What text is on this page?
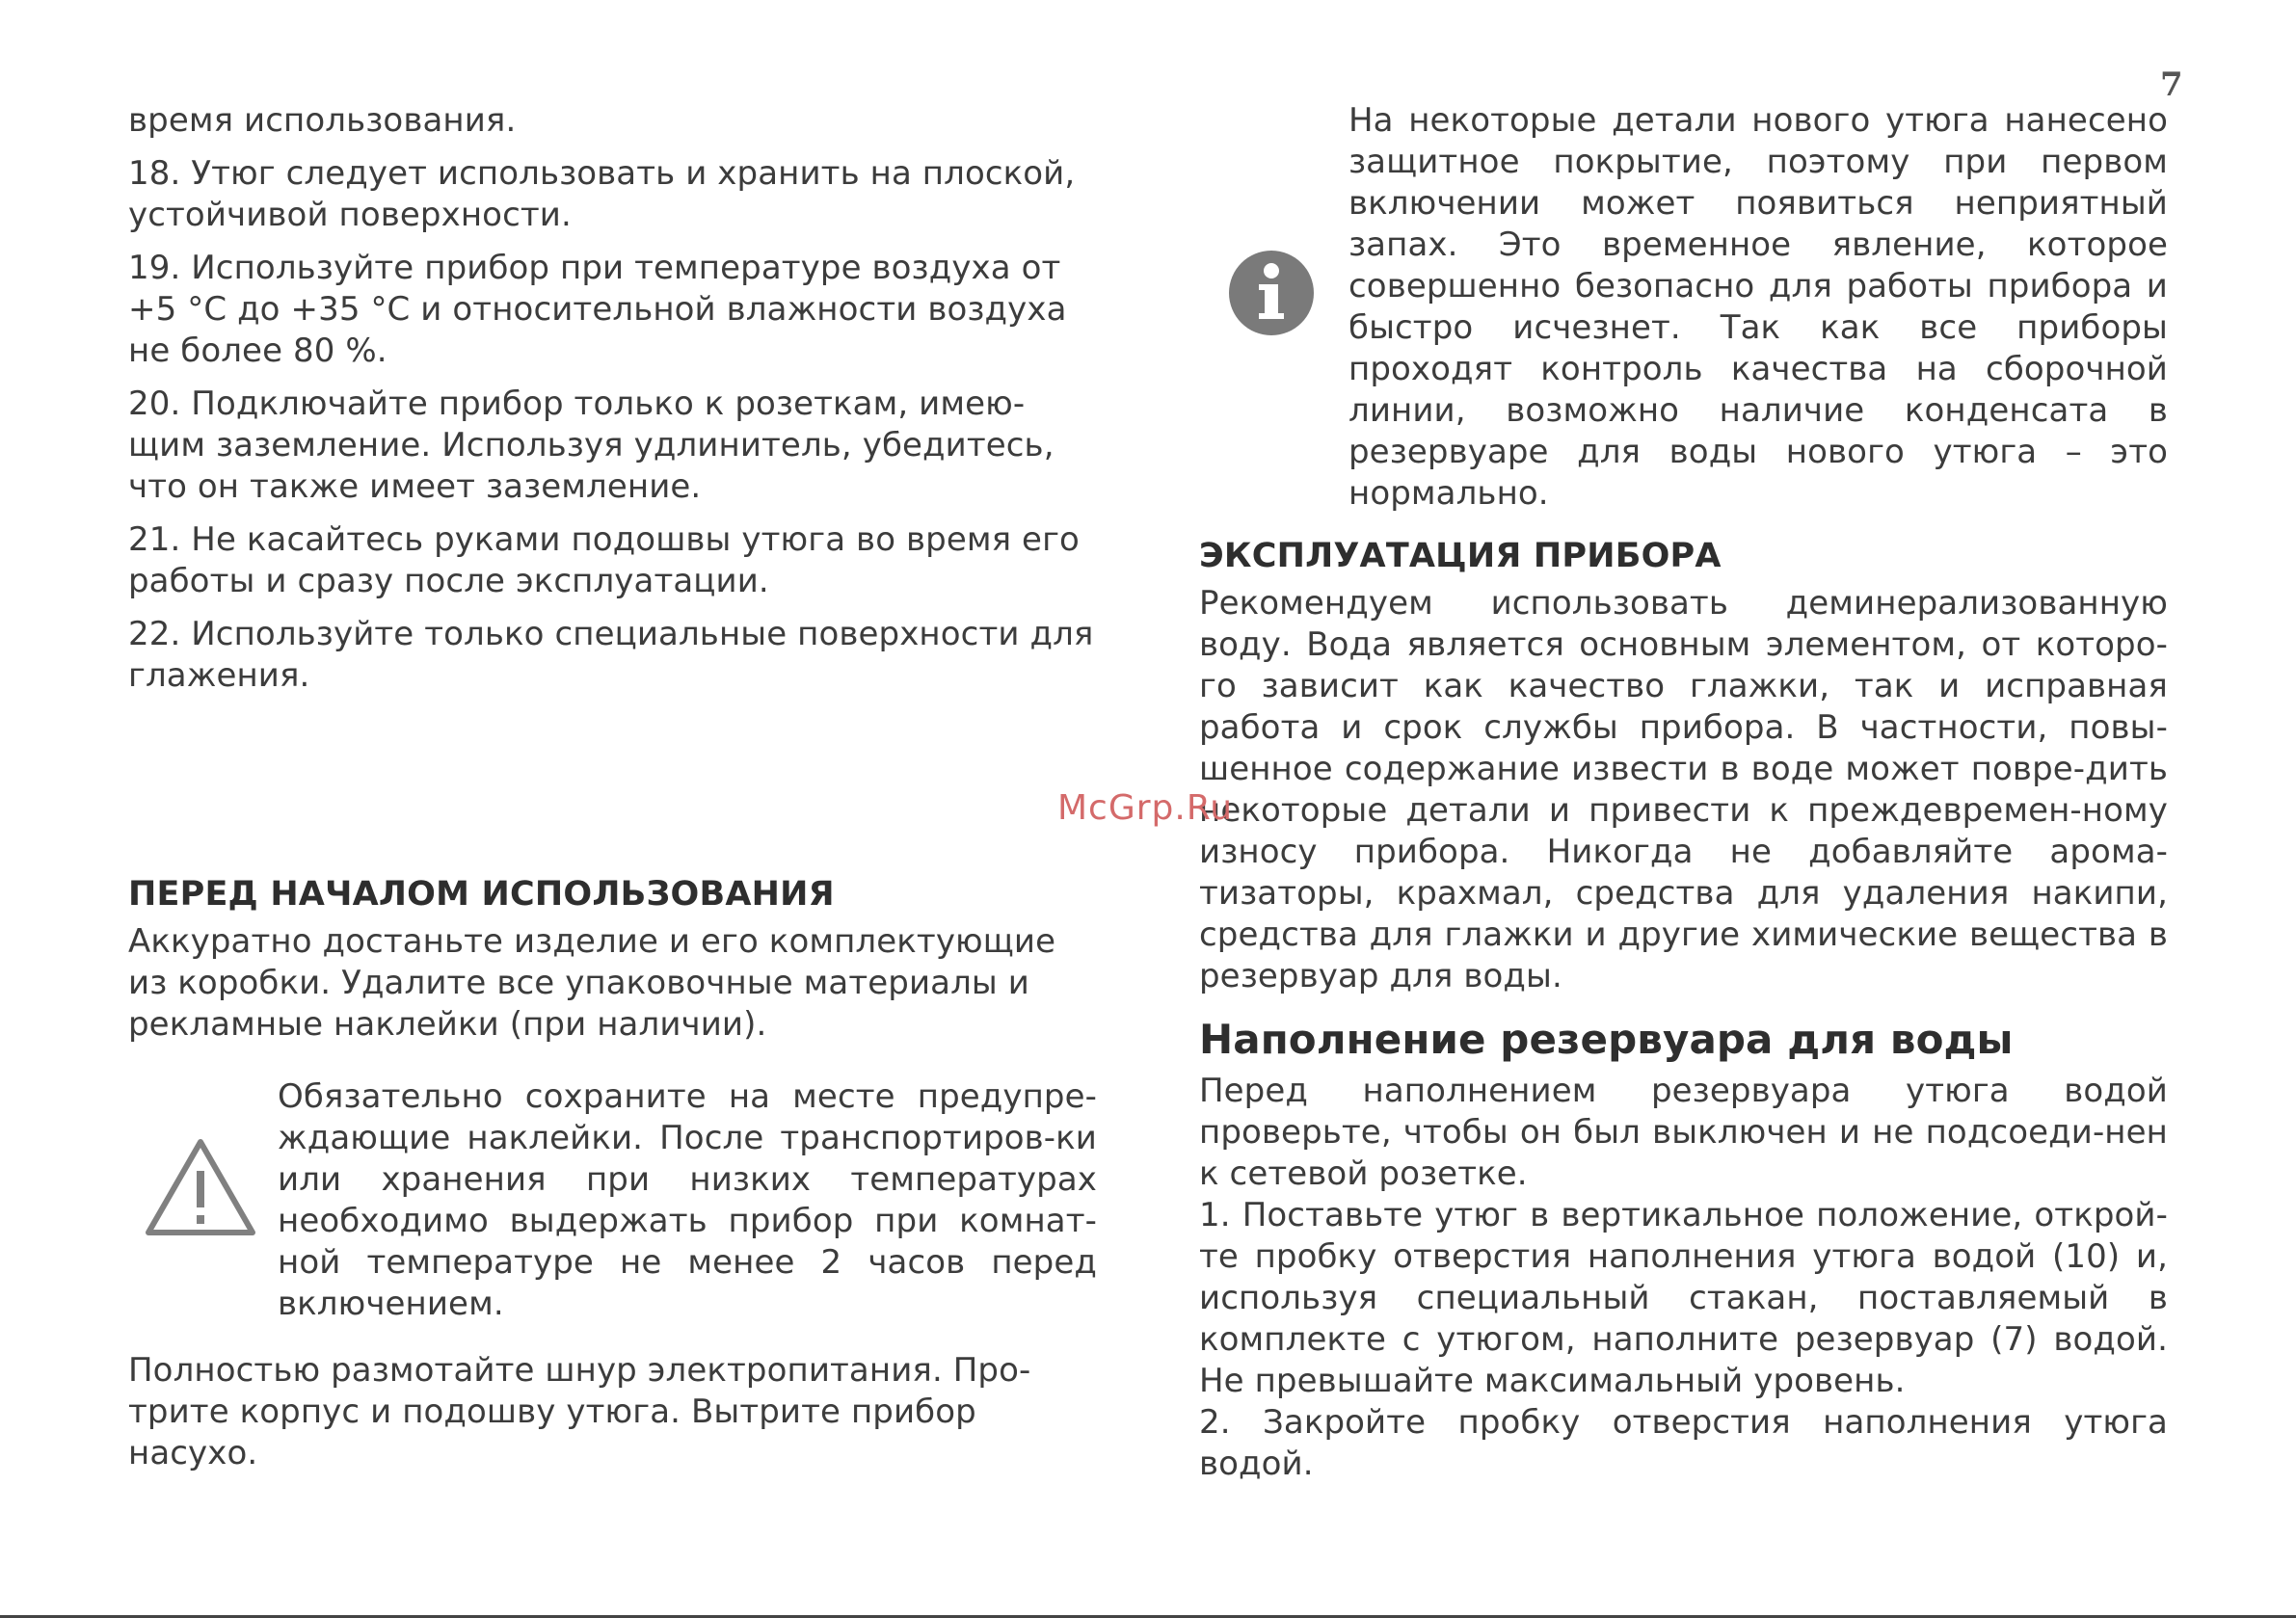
7

время использования.

18. Утюг следует использовать и хранить на плоской, устойчивой поверхности.

19. Используйте прибор при температуре воздуха от +5 °С до +35 °С и относительной влажности воздуха не более 80 %.

20. Подключайте прибор только к розеткам, имею-щим заземление. Используя удлинитель, убедитесь, что он также имеет заземление.

21. Не касайтесь руками подошвы утюга во время его работы и сразу после эксплуатации.

22. Используйте только специальные поверхности для глажения.

ПЕРЕД НАЧАЛОМ ИСПОЛЬЗОВАНИЯ

Аккуратно достаньте изделие и его комплектующие из коробки. Удалите все упаковочные материалы и рекламные наклейки (при наличии).

Обязательно сохраните на месте предупре-ждающие наклейки. После транспортиров-ки или хранения при низких температурах необходимо выдержать прибор при комнат-ной температуре не менее 2 часов перед включением.

Полностью размотайте шнур электропитания. Про-трите корпус и подошву утюга. Вытрите прибор насухо.

На некоторые детали нового утюга нанесено защитное покрытие, поэтому при первом включении может появиться неприятный запах. Это временное явление, которое совершенно безопасно для работы прибора и быстро исчезнет. Так как все приборы проходят контроль качества на сборочной линии, возможно наличие конденсата в резервуаре для воды нового утюга – это нормально.

ЭКСПЛУАТАЦИЯ ПРИБОРА

Рекомендуем использовать деминерализованную воду. Вода является основным элементом, от которо-го зависит как качество глажки, так и исправная работа и срок службы прибора. В частности, повы-шенное содержание извести в воде может повре-дить некоторые детали и привести к преждевремен-ному износу прибора. Никогда не добавляйте арома-тизаторы, крахмал, средства для удаления накипи, средства для глажки и другие химические вещества в резервуар для воды.

Наполнение резервуара для воды

Перед наполнением резервуара утюга водой проверьте, чтобы он был выключен и не подсоеди-нен к сетевой розетке.

1. Поставьте утюг в вертикальное положение, открой-те пробку отверстия наполнения утюга водой (10) и, используя специальный стакан, поставляемый в комплекте с утюгом, наполните резервуар (7) водой. Не превышайте максимальный уровень.

2. Закройте пробку отверстия наполнения утюга водой.

McGrp.Ru
